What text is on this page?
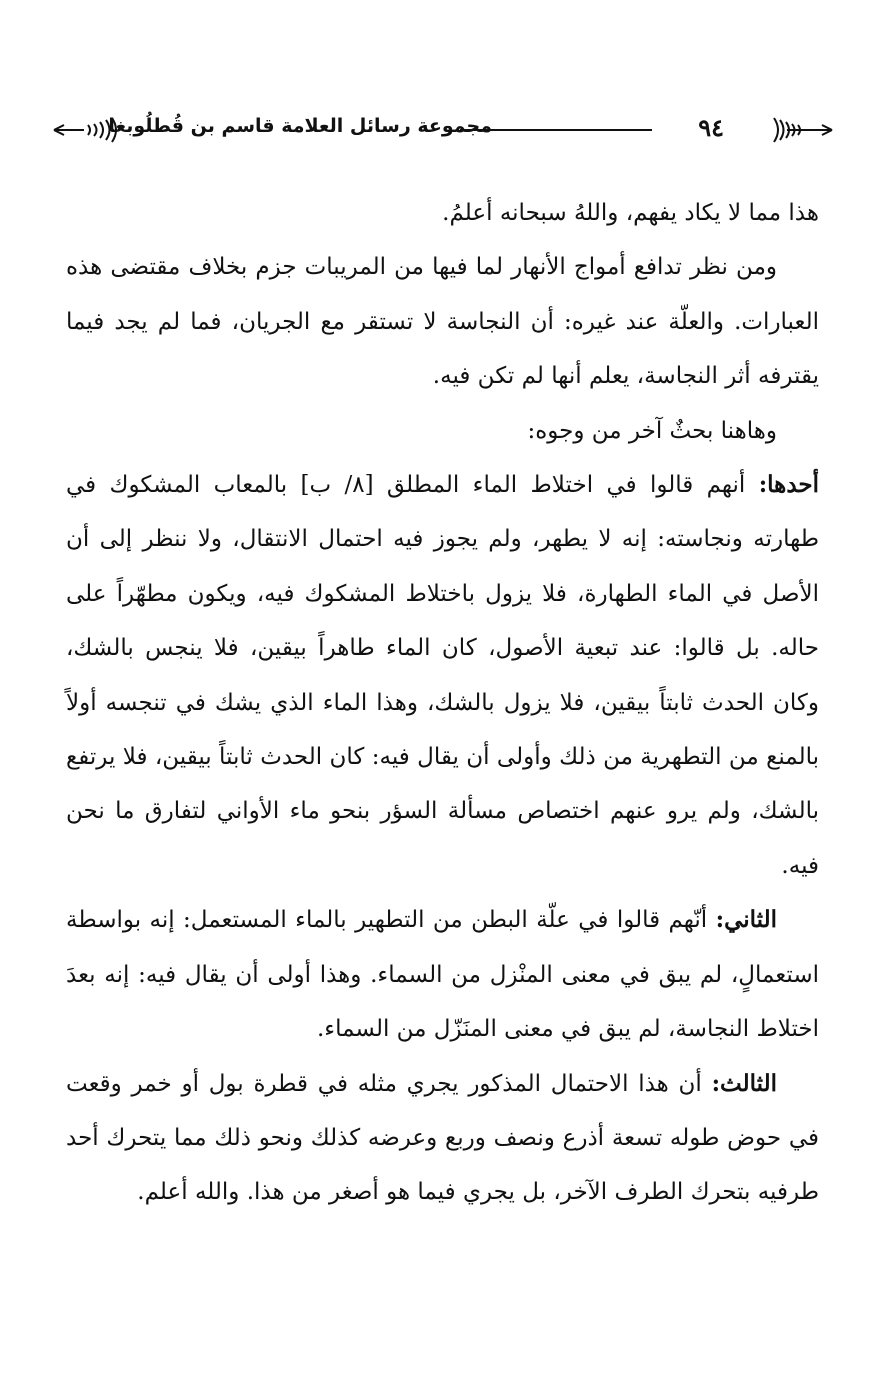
٩٤
مجموعة رسائل العلامة قاسم بن قُطلُوبغا

هذا مما لا يكاد يفهم، واللهُ سبحانه أعلمُ.

ومن نظر تدافع أمواج الأنهار لما فيها من المريبات جزم بخلاف مقتضى هذه العبارات. والعلّة عند غيره: أن النجاسة لا تستقر مع الجريان، فما لم يجد فيما يقترفه أثر النجاسة، يعلم أنها لم تكن فيه.

وهاهنا بحثٌ آخر من وجوه:

أحدها: أنهم قالوا في اختلاط الماء المطلق [٨/ ب] بالمعاب المشكوك في طهارته ونجاسته: إنه لا يطهر، ولم يجوز فيه احتمال الانتقال، ولا ننظر إلى أن الأصل في الماء الطهارة، فلا يزول باختلاط المشكوك فيه، ويكون مطهّراً على حاله. بل قالوا: عند تبعية الأصول، كان الماء طاهراً بيقين، فلا ينجس بالشك، وكان الحدث ثابتاً بيقين، فلا يزول بالشك، وهذا الماء الذي يشك في تنجسه أولاً بالمنع من التطهرية من ذلك وأولى أن يقال فيه: كان الحدث ثابتاً بيقين، فلا يرتفع بالشك، ولم يرو عنهم اختصاص مسألة السؤر بنحو ماء الأواني لتفارق ما نحن فيه.

الثاني: أنّهم قالوا في علّة البطن من التطهير بالماء المستعمل: إنه بواسطة استعمالٍ، لم يبق في معنى المنْزل من السماء. وهذا أولى أن يقال فيه: إنه بعدَ اختلاط النجاسة، لم يبق في معنى المنَزّل من السماء.

الثالث: أن هذا الاحتمال المذكور يجري مثله في قطرة بول أو خمر وقعت في حوض طوله تسعة أذرع ونصف وربع وعرضه كذلك ونحو ذلك مما يتحرك أحد طرفيه بتحرك الطرف الآخر، بل يجري فيما هو أصغر من هذا. والله أعلم.
